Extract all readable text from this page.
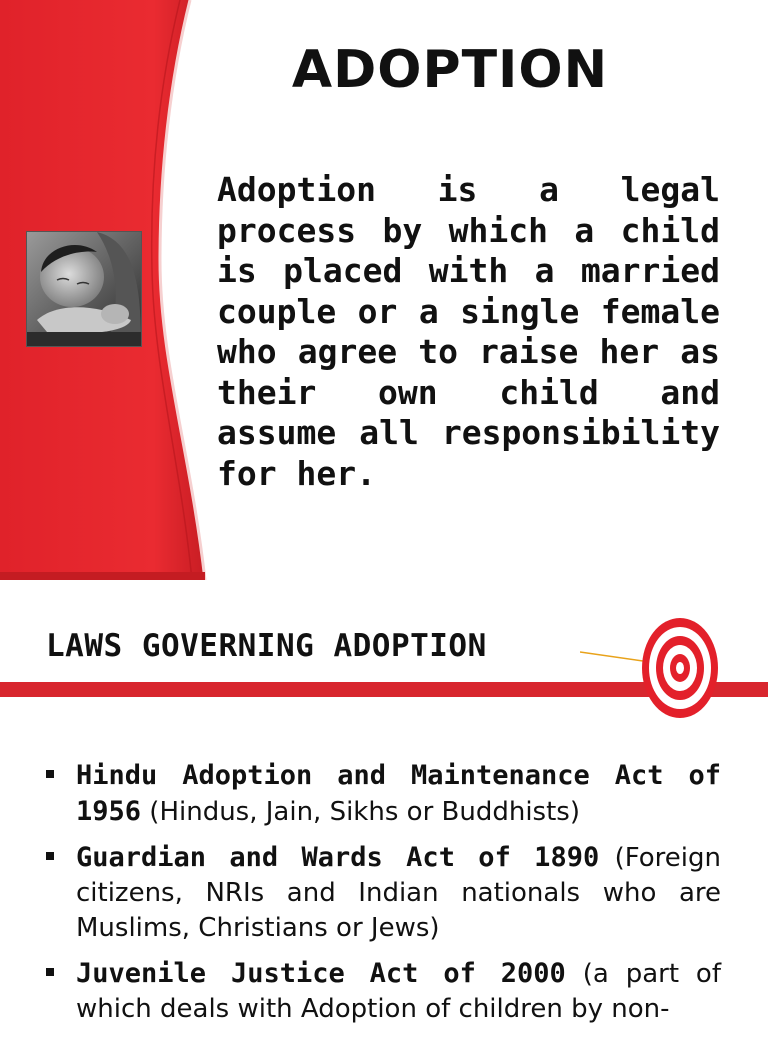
ADOPTION

Adoption is a legal process by which a child is placed with a married couple or a single female who agree to raise her as their own child and assume all responsibility for her.

LAWS GOVERNING ADOPTION
Hindu Adoption and Maintenance Act of 1956 (Hindus, Jain, Sikhs or Buddhists)
Guardian and Wards Act of 1890 (Foreign citizens, NRIs and Indian nationals who are Muslims, Christians or Jews)
Juvenile Justice Act of 2000 (a part of which deals with Adoption of children by non-
